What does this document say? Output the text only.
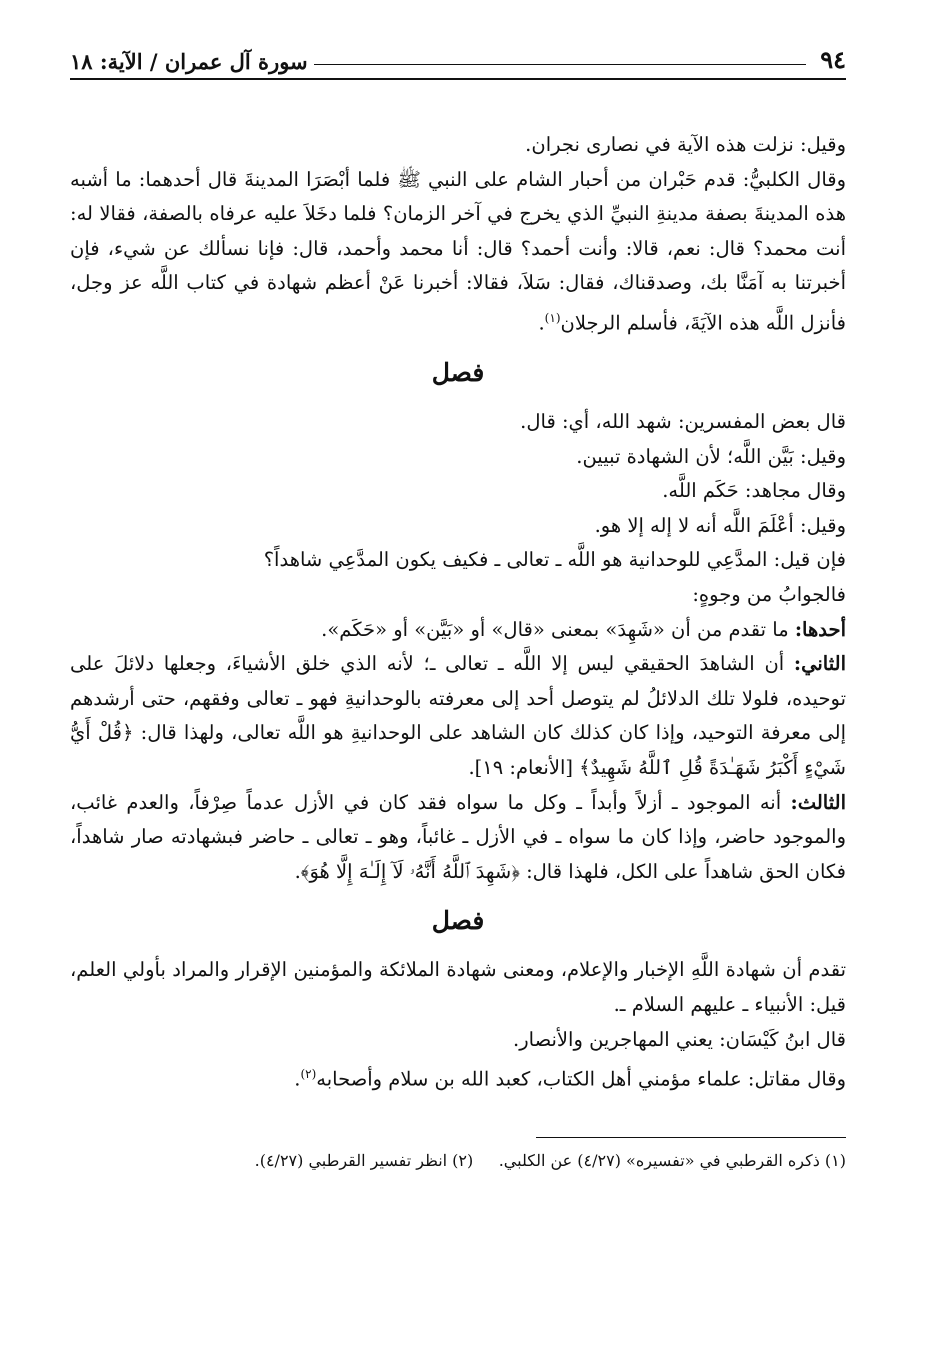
٩٤
سورة آل عمران / الآية: ١٨

وقيل: نزلت هذه الآية في نصارى نجران.

وقال الكلبيُّ: قدم حَبْران من أحبار الشام على النبي ﷺ فلما أبْصَرَا المدينةَ قال أحدهما: ما أشبه هذه المدينةَ بصفة مدينةِ النبيِّ الذي يخرج في آخر الزمان؟ فلما دخَلاَ عليه عرفاه بالصفة، فقالا له: أنت محمد؟ قال: نعم، قالا: وأنت أحمد؟ قال: أنا محمد وأحمد، قال: فإنا نسألك عن شيء، فإن أخبرتنا به آمَنَّا بك، وصدقناك، فقال: سَلاَ، فقالا: أخبرنا عَنْ أعظم شهادة في كتاب اللَّه عز وجل، فأنزل اللَّه هذه الآيَةَ، فأسلم الرجلان$^{(١)}$.

فصل

قال بعض المفسرين: شهد الله، أي: قال.

وقيل: بَيَّن اللَّه؛ لأن الشهادة تبيين.

وقال مجاهد: حَكَم اللَّه.

وقيل: أعْلَمَ اللَّه أنه لا إله إلا هو.

فإن قيل: المدَّعِي للوحدانية هو اللَّه ـ تعالى ـ فكيف يكون المدَّعِي شاهداً؟

فالجوابُ من وجوهٍ:

أحدها: ما تقدم من أن «شَهِدَ» بمعنى «قال» أو «بَيَّن» أو «حَكَم».

الثاني: أن الشاهدَ الحقيقي ليس إلا اللَّه ـ تعالى ـ؛ لأنه الذي خلق الأشياءَ، وجعلها دلائلَ على توحيده، فلولا تلك الدلائلُ لم يتوصل أحد إلى معرفته بالوحدانيةِ فهو ـ تعالى وفقهم، حتى أرشدهم إلى معرفة التوحيد، وإذا كان كذلك كان الشاهد على الوحدانيةِ هو اللَّه تعالى، ولهذا قال: ﴿قُلْ أَيُّ شَيْءٍ أَكْبَرُ شَهَـٰدَةً قُلِ ٱللَّهُ شَهِيدٌ﴾ [الأنعام: ١٩].

الثالث: أنه الموجود ـ أزلاً وأبداً ـ وكل ما سواه فقد كان في الأزل عدماً صِرْفاً، والعدم غائب، والموجود حاضر، وإذا كان ما سواه ـ في الأزل ـ غائباً، وهو ـ تعالى ـ حاضر فبشهادته صار شاهداً، فكان الحق شاهداً على الكل، فلهذا قال: ﴿شَهِدَ ٱللَّهُ أَنَّهُۥ لَآ إِلَـٰهَ إِلَّا هُوَ﴾.

فصل

تقدم أن شهادة اللَّهِ الإخبار والإعلام، ومعنى شهادة الملائكة والمؤمنين الإقرار والمراد بأولي العلم، قيل: الأنبياء ـ عليهم السلام ـ.

قال ابنُ كَيْسَان: يعني المهاجرين والأنصار.

وقال مقاتل: علماء مؤمني أهل الكتاب، كعبد الله بن سلام وأصحابه$^{(٢)}$.

(١) ذكره القرطبي في «تفسيره» (٤/٢٧) عن الكلبي.     (٢) انظر تفسير القرطبي (٤/٢٧).
